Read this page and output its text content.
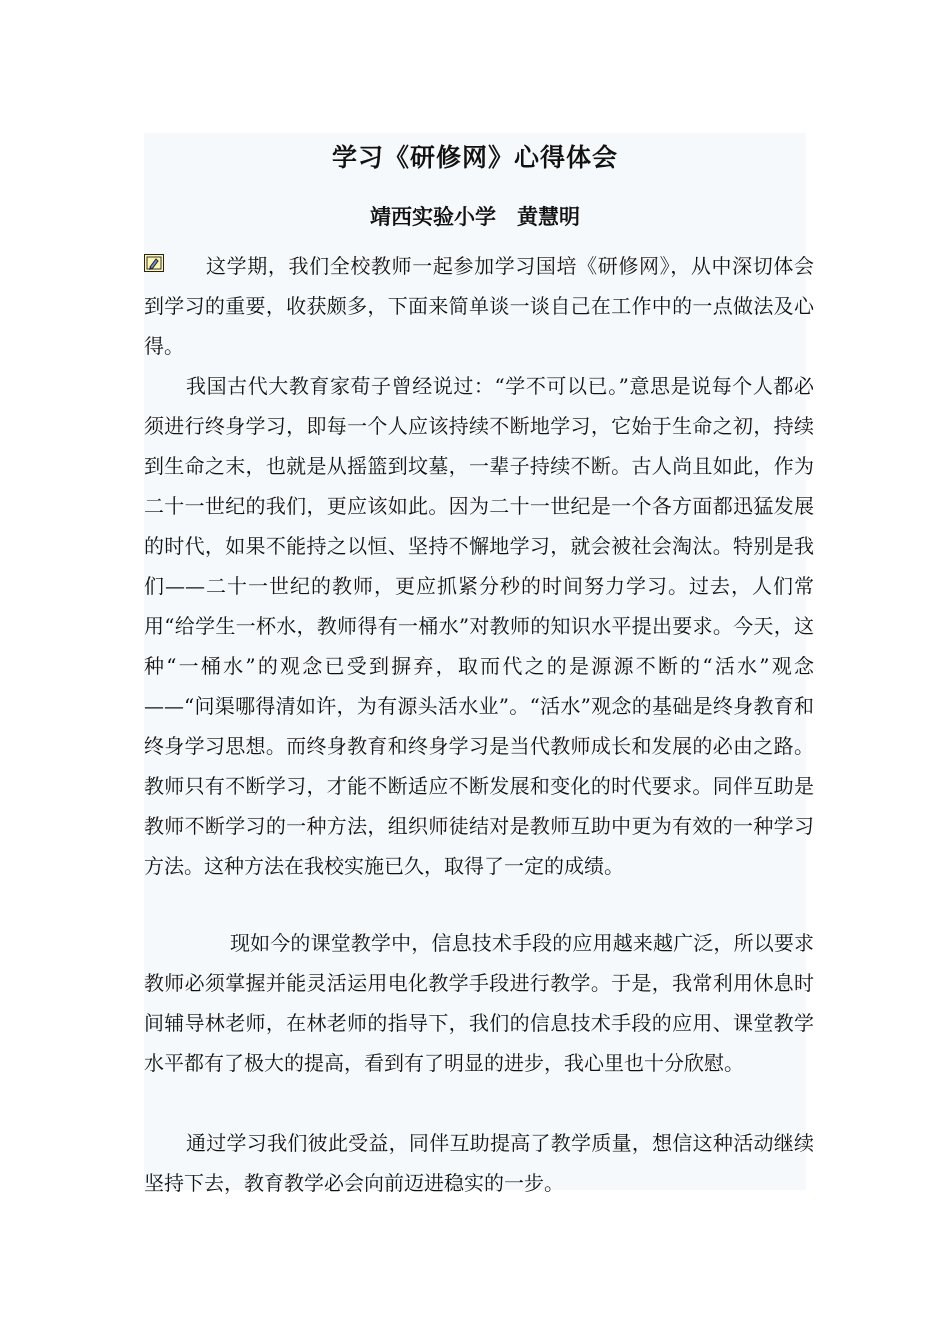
学习《研修网》心得体会
靖西实验小学　黄慧明

这学期，我们全校教师一起参加学习国培《研修网》，从中深切体会到学习的重要，收获颇多，下面来简单谈一谈自己在工作中的一点做法及心得。

我国古代大教育家荀子曾经说过：“学不可以已。”意思是说每个人都必须进行终身学习，即每一个人应该持续不断地学习，它始于生命之初，持续到生命之末，也就是从摇篮到坟墓，一辈子持续不断。古人尚且如此，作为二十一世纪的我们，更应该如此。因为二十一世纪是一个各方面都迅猛发展的时代，如果不能持之以恒、坚持不懈地学习，就会被社会淘汰。特别是我们——二十一世纪的教师，更应抓紧分秒的时间努力学习。过去，人们常用“给学生一杯水，教师得有一桶水”对教师的知识水平提出要求。今天，这种“一桶水”的观念已受到摒弃，取而代之的是源源不断的“活水”观念——“问渠哪得清如许，为有源头活水业”。“活水”观念的基础是终身教育和终身学习思想。而终身教育和终身学习是当代教师成长和发展的必由之路。教师只有不断学习，才能不断适应不断发展和变化的时代要求。同伴互助是教师不断学习的一种方法，组织师徒结对是教师互助中更为有效的一种学习方法。这种方法在我校实施已久，取得了一定的成绩。

现如今的课堂教学中，信息技术手段的应用越来越广泛，所以要求教师必须掌握并能灵活运用电化教学手段进行教学。于是，我常利用休息时间辅导林老师，在林老师的指导下，我们的信息技术手段的应用、课堂教学水平都有了极大的提高，看到有了明显的进步，我心里也十分欣慰。

通过学习我们彼此受益，同伴互助提高了教学质量，想信这种活动继续坚持下去，教育教学必会向前迈进稳实的一步。
